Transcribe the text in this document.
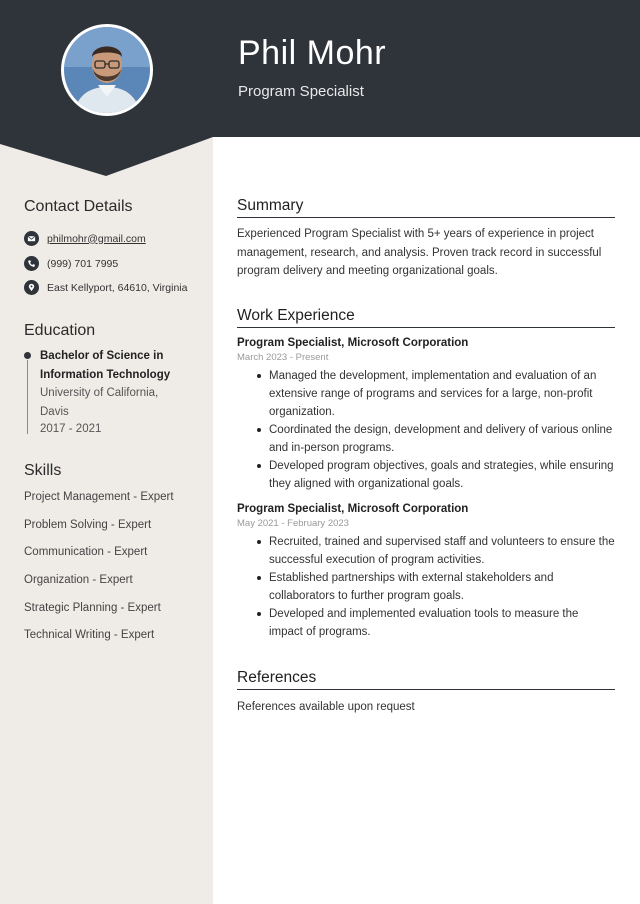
Phil Mohr
Program Specialist
Contact Details
philmohr@gmail.com
(999) 701 7995
East Kellyport, 64610, Virginia
Education
Bachelor of Science in Information Technology
University of California, Davis
2017 - 2021
Skills
Project Management - Expert
Problem Solving - Expert
Communication - Expert
Organization - Expert
Strategic Planning - Expert
Technical Writing - Expert
Summary
Experienced Program Specialist with 5+ years of experience in project management, research, and analysis. Proven track record in successful program delivery and meeting organizational goals.
Work Experience
Program Specialist, Microsoft Corporation
March 2023 - Present
Managed the development, implementation and evaluation of an extensive range of programs and services for a large, non-profit organization.
Coordinated the design, development and delivery of various online and in-person programs.
Developed program objectives, goals and strategies, while ensuring they aligned with organizational goals.
Program Specialist, Microsoft Corporation
May 2021 - February 2023
Recruited, trained and supervised staff and volunteers to ensure the successful execution of program activities.
Established partnerships with external stakeholders and collaborators to further program goals.
Developed and implemented evaluation tools to measure the impact of programs.
References
References available upon request
